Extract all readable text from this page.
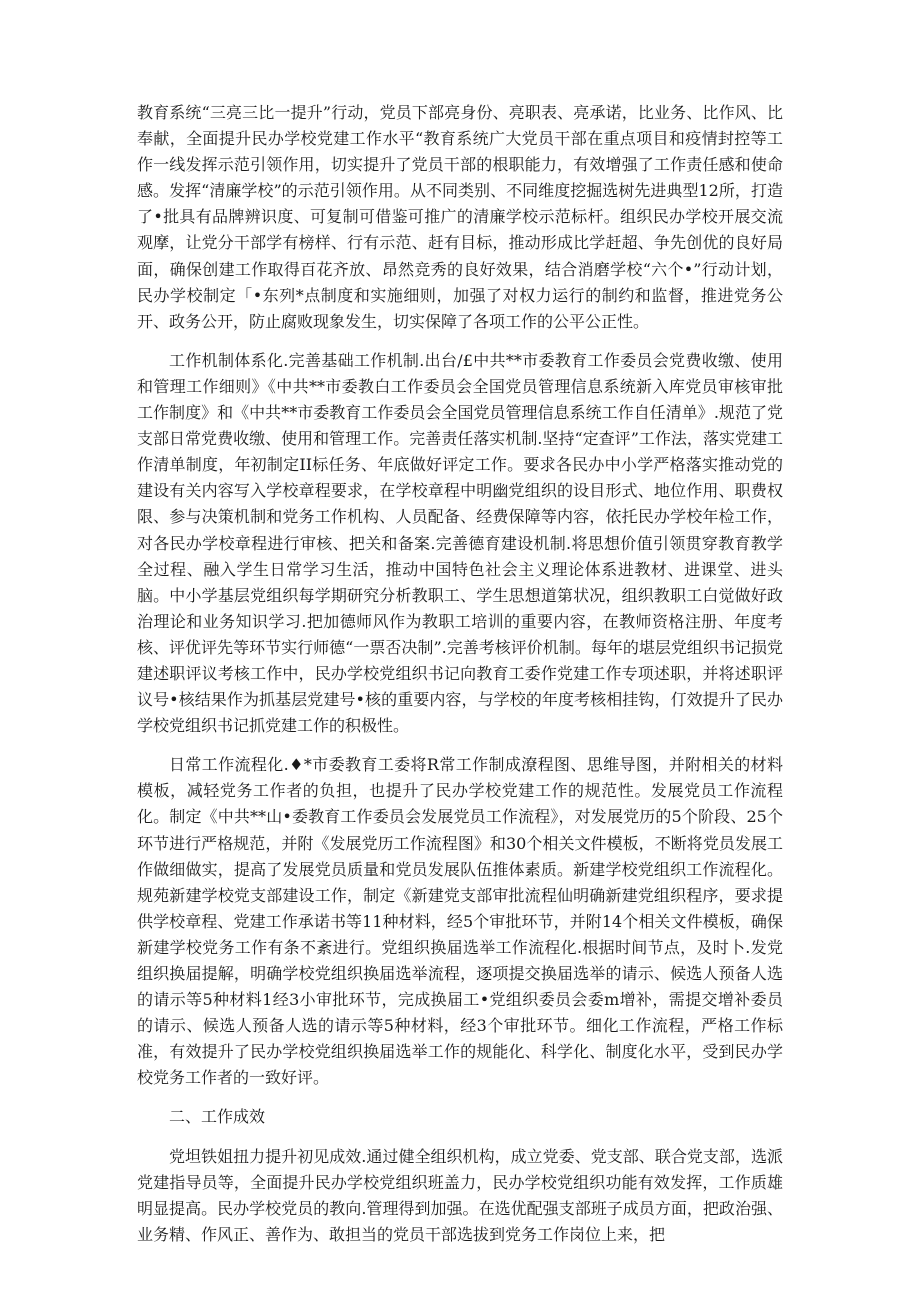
教育系统“三亮三比一提升”行动，党员下部亮身份、亮职表、亮承诺，比业务、比作风、比奉献，全面提升民办学校党建工作水平“教育系统广大党员干部在重点项目和疫情封控等工作一线发挥示范引领作用，切实提升了党员干部的根职能力，有效增强了工作责任感和使命感。发挥“清廉学校”的示范引领作用。从不同类别、不同维度挖掘选树先进典型12所，打造了•批具有品牌辨识度、可复制可借鉴可推广的清廉学校示范标杆。组织民办学校开展交流观摩，让党分干部学有榜样、行有示范、赶有目标，推动形成比学赶超、争先创优的良好局面，确保创建工作取得百花齐放、昂然竞秀的良好效果，结合消磨学校“六个•”行动计划，民办学校制定「•东列*点制度和实施细则，加强了对权力运行的制约和监督，推进党务公开、政务公开，防止腐败现象发生，切实保障了各项工作的公平公正性。

工作机制体系化.完善基础工作机制.出台/£中共**市委教育工作委员会党费收缴、使用和管理工作细则》《中共**市委教白工作委员会全国党员管理信息系统新入库党员审核审批工作制度》和《中共**市委教育工作委员会全国党员管理信息系统工作自任清单》.规范了党支部日常党费收缴、使用和管理工作。完善责任落实机制.坚持“定查评”工作法，落实党建工作清单制度，年初制定II标任务、年底做好评定工作。要求各民办中小学严格落实推动党的建设有关内容写入学校章程要求，在学校章程中明幽党组织的设目形式、地位作用、职费权限、参与决策机制和党务工作机构、人员配备、经费保障等内容，依托民办学校年检工作，对各民办学校章程进行审核、把关和备案.完善德育建设机制.将思想价值引领贯穿教育教学全过程、融入学生日常学习生活，推动中国特色社会主义理论体系进教材、进课堂、进头脑。中小学基层党组织每学期研究分析教职工、学生思想道第状况，组织教职工白觉做好政治理论和业务知识学习.把加德师风作为教职工培训的重要内容，在教师资格注册、年度考核、评优评先等环节实行师德“一票否决制”.完善考核评价机制。每年的堪层党组织书记损党建述职评议考核工作中，民办学校党组织书记向教育工委作党建工作专项述职，并将述职评议号•核结果作为抓基层党建号•核的重要内容，与学校的年度考核相挂钩，仃效提升了民办学校党组织书记抓党建工作的积极性。

日常工作流程化.♦*市委教育工委将R常工作制成潦程图、思维导图，并附相关的材料模板，减轻党务工作者的负担，也提升了民办学校党建工作的规范性。发展党员工作流程化。制定《中共**山•委教育工作委员会发展党员工作流程》，对发展党历的5个阶段、25个环节进行严格规范，并附《发展党历工作流程图》和30个相关文件模板，不断将党员发展工作做细做实，提高了发展党员质量和党员发展队伍推体素质。新建学校党组织工作流程化。规苑新建学校党支部建设工作，制定《新建党支部审批流程仙明确新建党组织程序，要求提供学校章程、党建工作承诺书等11种材料，经5个审批环节，并附14个相关文件模板，确保新建学校党务工作有条不紊进行。党组织换届选举工作流程化.根据时间节点，及时卜.发党组织换届提解，明确学校党组织换届选举流程，逐项提交换届选举的请示、候选人预备人选的请示等5种材料1经3小审批环节，完成换届工•党组织委员会委m增补，需提交增补委员的请示、候选人预备人选的请示等5种材料，经3个审批环节。细化工作流程，严格工作标准，有效提升了民办学校党组织换届选举工作的规能化、科学化、制度化水平，受到民办学校党务工作者的一致好评。

二、工作成效

党坦铁姐扭力提升初见成效.通过健全组织机构，成立党委、党支部、联合党支部，选派党建指导员等，全面提升民办学校党组织班盖力，民办学校党组织功能有效发挥，工作质雄明显提高。民办学校党员的教向.管理得到加强。在选优配强支部班子成员方面，把政治强、业务精、作风正、善作为、敢担当的党员干部选拔到党务工作岗位上来，把
